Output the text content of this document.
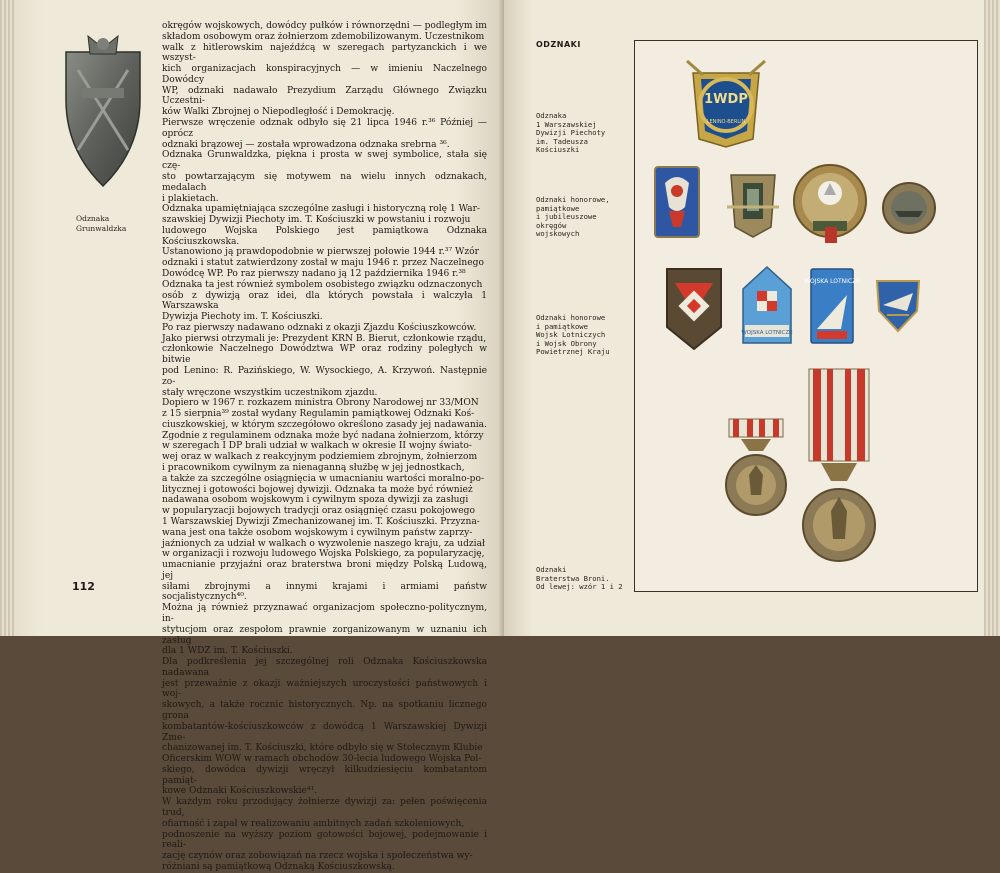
Odznaka
Grunwaldzka

okręgów wojskowych, dowódcy pułków i równorzędni — podległym im

składom osobowym oraz żołnierzom zdemobilizowanym. Uczestnikom

walk z hitlerowskim najeźdźcą w szeregach partyzanckich i we wszyst-

kich organizacjach konspiracyjnych — w imieniu Naczelnego Dowódcy

WP, odznaki nadawało Prezydium Zarządu Głównego Związku Uczestni-

ków Walki Zbrojnej o Niepodległość i Demokrację.

Pierwsze wręczenie odznak odbyło się 21 lipca 1946 r.³⁶ Później — oprócz

odznaki brązowej — została wprowadzona odznaka srebrna ³⁶.

Odznaka Grunwaldzka, piękna i prosta w swej symbolice, stała się czę-

sto powtarzającym się motywem na wielu innych odznakach, medalach

i plakietach.

Odznaka upamiętniająca szczególne zasługi i historyczną rolę 1 War-

szawskiej Dywizji Piechoty im. T. Kościuszki w powstaniu i rozwoju

ludowego Wojska Polskiego jest pamiątkowa Odznaka Kościuszkowska.

Ustanowiono ją prawdopodobnie w pierwszej połowie 1944 r.³⁷ Wzór

odznaki i statut zatwierdzony został w maju 1946 r. przez Naczelnego

Dowódcę WP. Po raz pierwszy nadano ją 12 października 1946 r.³⁸

Odznaka ta jest również symbolem osobistego związku odznaczonych

osób z dywizją oraz idei, dla których powstała i walczyła 1 Warszawska

Dywizja Piechoty im. T. Kościuszki.

Po raz pierwszy nadawano odznaki z okazji Zjazdu Kościuszkowców.

Jako pierwsi otrzymali je: Prezydent KRN B. Bierut, członkowie rządu,

członkowie Naczelnego Dowództwa WP oraz rodziny poległych w bitwie

pod Lenino: R. Pazińskiego, W. Wysockiego, A. Krzywoń. Następnie zo-

stały wręczone wszystkim uczestnikom zjazdu.

Dopiero w 1967 r. rozkazem ministra Obrony Narodowej nr 33/MON

z 15 sierpnia³⁹ został wydany Regulamin pamiątkowej Odznaki Koś-

ciuszkowskiej, w którym szczegółowo określono zasady jej nadawania.

Zgodnie z regulaminem odznaka może być nadana żołnierzom, którzy

w szeregach I DP brali udział w walkach w okresie II wojny świato-

wej oraz w walkach z reakcyjnym podziemiem zbrojnym, żołnierzom

i pracownikom cywilnym za nienaganną służbę w jej jednostkach,

a także za szczególne osiągnięcia w umacnianiu wartości moralno-po-

litycznej i gotowości bojowej dywizji. Odznaka ta może być również

nadawana osobom wojskowym i cywilnym spoza dywizji za zasługi

w popularyzacji bojowych tradycji oraz osiągnięć czasu pokojowego

1 Warszawskiej Dywizji Zmechanizowanej im. T. Kościuszki. Przyzna-

wana jest ona także osobom wojskowym i cywilnym państw zaprzy-

jaźnionych za udział w walkach o wyzwolenie naszego kraju, za udział

w organizacji i rozwoju ludowego Wojska Polskiego, za popularyzację,

umacnianie przyjaźni oraz braterstwa broni między Polską Ludową, jej

siłami zbrojnymi a innymi krajami i armiami państw socjalistycznych⁴⁰.

Można ją również przyznawać organizacjom społeczno-politycznym, in-

stytucjom oraz zespołom prawnie zorganizowanym w uznaniu ich zasług

dla 1 WDZ im. T. Kościuszki.

Dla podkreślenia jej szczególnej roli Odznaka Kościuszkowska nadawana

jest przeważnie z okazji ważniejszych uroczystości państwowych i woj-

skowych, a także rocznic historycznych. Np. na spotkaniu licznego grona

kombatantów-kościuszkowców z dowódcą 1 Warszawskiej Dywizji Zme-

chanizowanej im. T. Kościuszki, które odbyło się w Stołecznym Klubie

Oficerskim WOW w ramach obchodów 30-lecia ludowego Wojska Pol-

skiego, dowódca dywizji wręczył kilkudziesięciu kombatantom pamiąt-

kowe Odznaki Kościuszkowskie⁴¹.

W każdym roku przodujący żołnierze dywizji za: pełen poświęcenia trud,

ofiarność i zapał w realizowaniu ambitnych zadań szkoleniowych,

podnoszenie na wyższy poziom gotowości bojowej, podejmowanie i reali-

zację czynów oraz zobowiązań na rzecz wojska i społeczeństwa wy-

różniani są pamiątkową Odznaką Kościuszkowską.

112
ODZNAKI
Odznaka
1 Warszawskiej
Dywizji Piechoty
im. Tadeusza
Kościuszki
Odznaki honorowe,
pamiątkowe
i jubileuszowe
okręgów
wojskowych
Odznaki honorowe
i pamiątkowe
Wojsk Lotniczych
i Wojsk Obrony
Powietrznej Kraju
Odznaki
Braterstwa Broni.
Od lewej: wzór 1 i 2
1WDP
LENINO-BERLIN
WOJSKA LOTNICZE
WOJSKA LOTNICZE
